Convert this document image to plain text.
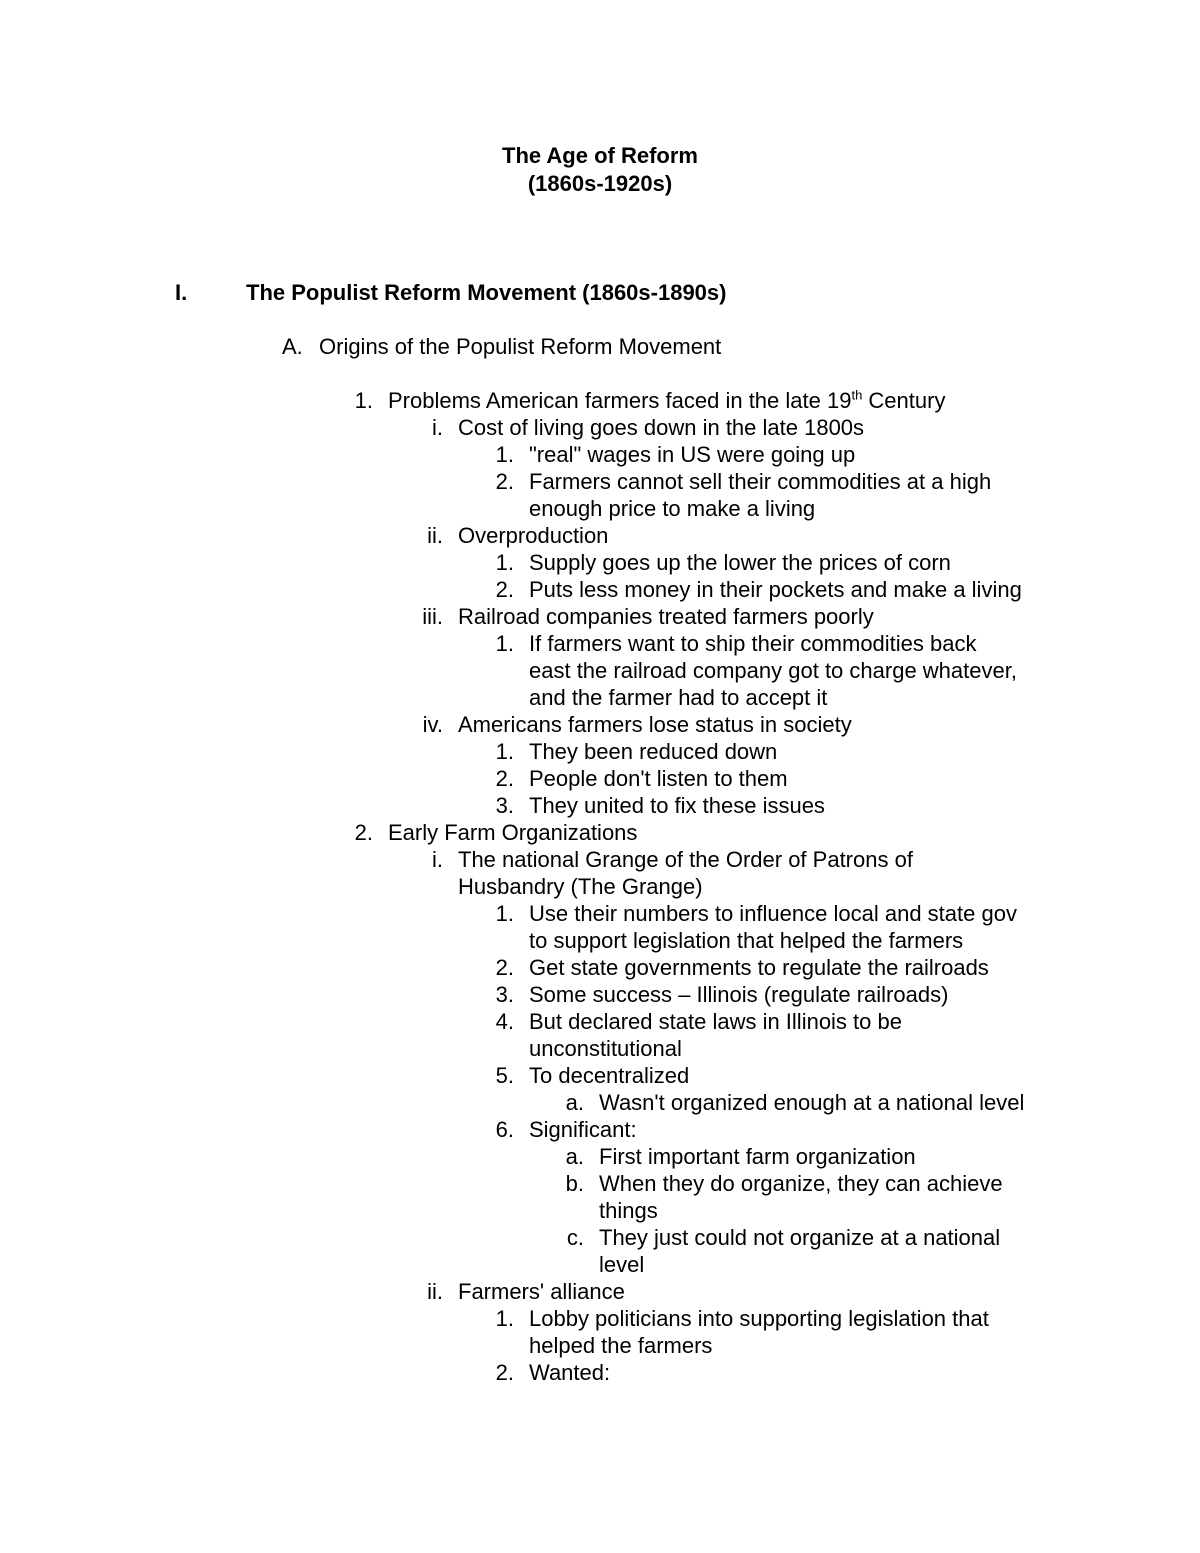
The Age of Reform
(1860s-1920s)
I.	The Populist Reform Movement (1860s-1890s)
A. Origins of the Populist Reform Movement
1. Problems American farmers faced in the late 19th Century
i. Cost of living goes down in the late 1800s
1. "real" wages in US were going up
2. Farmers cannot sell their commodities at a high
enough price to make a living
ii. Overproduction
1. Supply goes up the lower the prices of corn
2. Puts less money in their pockets and make a living
iii. Railroad companies treated farmers poorly
1. If farmers want to ship their commodities back
east the railroad company got to charge whatever,
and the farmer had to accept it
iv. Americans farmers lose status in society
1. They been reduced down
2. People don't listen to them
3. They united to fix these issues
2. Early Farm Organizations
i. The national Grange of the Order of Patrons of
Husbandry (The Grange)
1. Use their numbers to influence local and state gov
to support legislation that helped the farmers
2. Get state governments to regulate the railroads
3. Some success – Illinois (regulate railroads)
4. But declared state laws in Illinois to be
unconstitutional
5. To decentralized
a. Wasn't organized enough at a national level
6. Significant:
a. First important farm organization
b. When they do organize, they can achieve
things
c. They just could not organize at a national
level
ii. Farmers' alliance
1. Lobby politicians into supporting legislation that
helped the farmers
2. Wanted:
